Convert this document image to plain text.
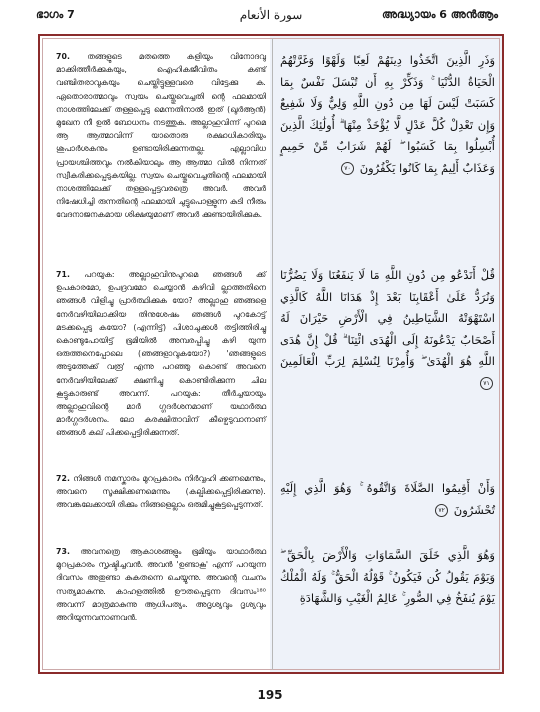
ഭാഗം 7	سورة الأنعام	അദ്ധ്യായം 6 അൻആം
70. തങ്ങളുടെ മതത്തെ കളിയും വിനോദവു മാക്കിത്തീർക്കുകയും, ഐഹികജീവിതം കണ്ട് വഞ്ചിതരാവുകയും ചെയ്തിട്ടുള്ളവരെ വിട്ടേക്കു ക. ഏതൊരാത്മാവും സ്വയം ചെയ്തുവെച്ചതി ന്റെ ഫലമായി നാശത്തിലേക്ക് തള്ളപ്പെടു മെന്നതിനാൽ ഇത് (ഖുർആൻ) മുഖേന നീ ഉൽ ബോധനം നടത്തുക. അല്ലാഹുവിന്ന് പുറമെ ആ ആത്മാവിന്ന് യാതൊരു രക്ഷാധികാരിയും ശുപാർശകനും ഉണ്ടായിരിക്കുന്നതല്ല. എല്ലാവിധ പ്രായശ്ചിത്തവും നൽകിയാലും ആ ആത്മാ വിൽ നിന്നത് സ്വീകരിക്കപ്പെടുകയില്ല. സ്വയം ചെയ്തുവെച്ചതിന്റെ ഫലമായി നാശത്തിലേക്ക് തള്ളപ്പെട്ടവരത്രെ അവർ. അവർ നിഷേധിച്ചി രുന്നതിന്റെ ഫലമായി ചുട്ടുപൊള്ളുന്ന കുടി നീരും വേദനാജനകമായ ശിക്ഷയുമാണ് അവർ ക്കുണ്ടായിരിക്കുക.
71. പറയുക: അല്ലാഹുവിനുപുറമെ ഞങ്ങൾ ക്ക് ഉപകാരമോ, ഉപദ്രവമോ ചെയ്യാൻ കഴിവി ല്ലാത്തതിനെ ഞങ്ങൾ വിളിച്ചു പ്രാർത്ഥിക്കുക യോ? അല്ലാഹു ഞങ്ങളെ നേർവഴിയിലാക്കിയ തിനുശേഷം ഞങ്ങൾ പുറകോട്ട് മടക്കപ്പെടു കയോ? (എന്നിട്ട്) പിശാചുക്കൾ തട്ടിത്തിരിച്ചു കൊണ്ടുപോയിട്ട് ഭൂമിയിൽ അമ്പരപ്പിച്ചു കഴി യുന്ന ഒരുത്തനെപ്പോലെ (ഞങ്ങളാവുകയോ?) 'ഞങ്ങളുടെ അടുത്തേക്ക് വരൂ' എന്നു പറഞ്ഞു കൊണ്ട് അവനെ നേർവഴിയിലേക്ക് ക്ഷണിച്ചു കൊണ്ടിരിക്കുന്ന ചില കൂട്ടുകാരുണ്ട് അവന്ന്. പറയുക: തീർച്ചയായും അല്ലാഹുവിന്റെ മാർ ഗ്ഗദർശനമാണ് യഥാർത്ഥ മാർഗ്ഗദർശനം. ലോ കരക്ഷിതാവിന് കീഴ്പെടുവാനാണ് ഞങ്ങൾ കല് പിക്കപ്പെട്ടിരിക്കുന്നത്.
72. നിങ്ങൾ നമസ്കാരം മുറപ്രകാരം നിർവ്വഹി ക്കണമെന്നും, അവനെ സൂക്ഷിക്കണമെന്നും (കല്പിക്കപ്പെട്ടിരിക്കുന്നു). അവങ്കലേക്കായി രിക്കും നിങ്ങളെല്ലാം ഒരുമിച്ചുകൂട്ടപ്പെടുന്നത്.
73. അവനത്രെ ആകാശങ്ങളും ഭൂമിയും യാഥാർത്ഥ മുറപ്രകാരം സൃഷ്ടിച്ചവൻ. അവൻ 'ഉണ്ടാകൂ' എന്ന് പറയുന്ന ദിവസം അതുണ്ടാ കുകതന്നെ ചെയ്യുന്നു. അവന്റെ വചനം സത്യമാകുന്നു. കാഹളത്തിൽ ഊതപ്പെടുന്ന ദിവസം¹⁸⁰ അവന്ന് മാത്രമാകുന്നു ആധിപത്യം. അദൃശ്യവും ദൃശ്യവും അറിയുന്നവനാണവൻ.
وَذَرِ الَّذِينَ اتَّخَذُوا دِينَهُمْ لَعِبًا وَلَهْوًا وَغَرَّتْهُمُ الْحَيَاةُ الدُّنْيَا ۚ وَذَكِّرْ بِهِ أَن تُبْسَلَ نَفْسٌ بِمَا كَسَبَتْ لَيْسَ لَهَا مِن دُونِ اللَّهِ وَلِيٌّ وَلَا شَفِيعٌ وَإِن تَعْدِلْ كُلَّ عَدْلٍ لَّا يُؤْخَذْ مِنْهَا ۗ أُولَٰئِكَ الَّذِينَ أُبْسِلُوا بِمَا كَسَبُوا ۖ لَهُمْ شَرَابٌ مِّنْ حَمِيمٍ وَعَذَابٌ أَلِيمٌ بِمَا كَانُوا يَكْفُرُونَ ٧٠
قُلْ أَنَدْعُو مِن دُونِ اللَّهِ مَا لَا يَنفَعُنَا وَلَا يَضُرُّنَا وَنُرَدُّ عَلَىٰ أَعْقَابِنَا بَعْدَ إِذْ هَدَانَا اللَّهُ كَالَّذِي اسْتَهْوَتْهُ الشَّيَاطِينُ فِي الْأَرْضِ حَيْرَانَ لَهُ أَصْحَابٌ يَدْعُونَهُ إِلَى الْهُدَى ائْتِنَا ۗ قُلْ إِنَّ هُدَى اللَّهِ هُوَ الْهُدَىٰ ۖ وَأُمِرْنَا لِنُسْلِمَ لِرَبِّ الْعَالَمِينَ ٧١
وَأَنْ أَقِيمُوا الصَّلَاةَ وَاتَّقُوهُ ۚ وَهُوَ الَّذِي إِلَيْهِ تُحْشَرُونَ ٧٢
وَهُوَ الَّذِي خَلَقَ السَّمَاوَاتِ وَالْأَرْضَ بِالْحَقِّ ۖ وَيَوْمَ يَقُولُ كُن فَيَكُونُ ۚ قَوْلُهُ الْحَقُّ ۚ وَلَهُ الْمُلْكُ يَوْمَ يُنفَخُ فِي الصُّورِ ۚ عَالِمُ الْغَيْبِ وَالشَّهَادَةِ
195
